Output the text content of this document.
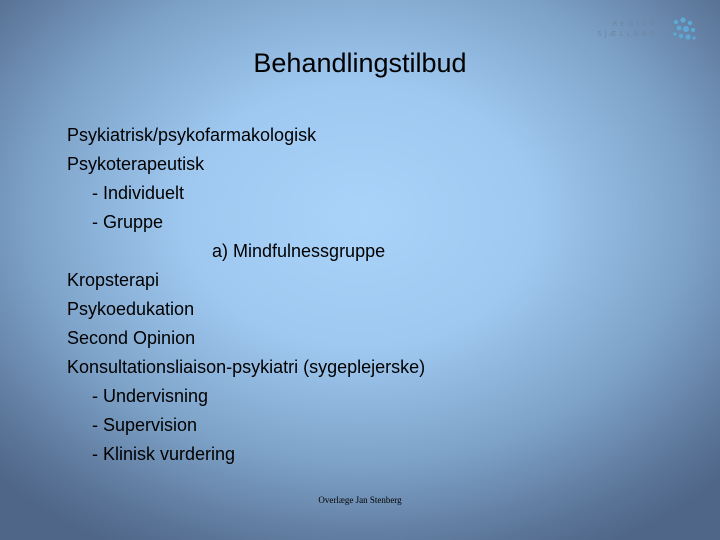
REGION
SJÆLLAND
Behandlingstilbud
Psykiatrisk/psykofarmakologisk
Psykoterapeutisk
- Individuelt
- Gruppe
a) Mindfulnessgruppe
Kropsterapi
Psykoedukation
Second Opinion
Konsultationsliaison-psykiatri (sygeplejerske)
- Undervisning
- Supervision
- Klinisk vurdering
Overlæge Jan Stenberg
